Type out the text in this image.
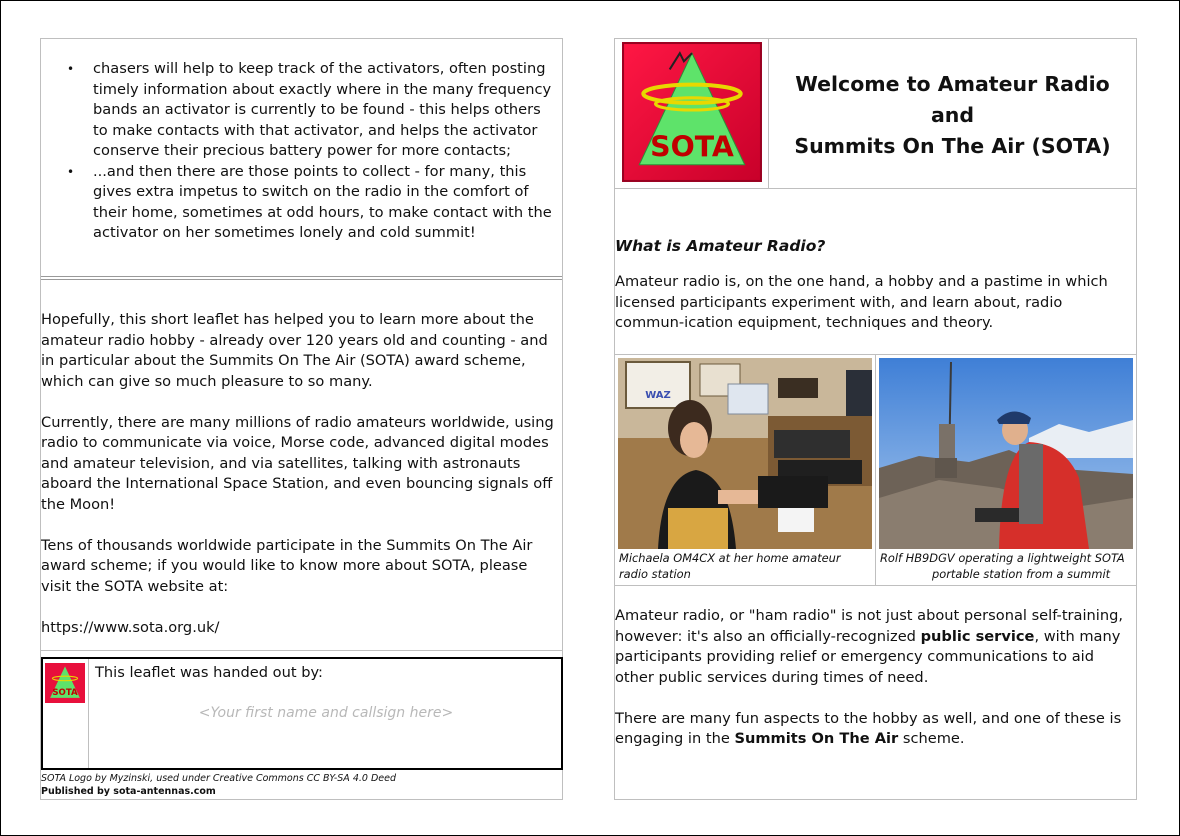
• chasers will help to keep track of the activators, often posting timely information about exactly where in the many frequency bands an activator is currently to be found - this helps others to make contacts with that activator, and helps the activator conserve their precious battery power for more contacts;
• ...and then there are those points to collect - for many, this gives extra impetus to switch on the radio in the comfort of their home, sometimes at odd hours, to make contact with the activator on her sometimes lonely and cold summit!

Hopefully, this short leaflet has helped you to learn more about the amateur radio hobby - already over 120 years old and counting - and in particular about the Summits On The Air (SOTA) award scheme, which can give so much pleasure to so many.

Currently, there are many millions of radio amateurs worldwide, using radio to communicate via voice, Morse code, advanced digital modes and amateur television, and via satellites, talking with astronauts aboard the International Space Station, and even bouncing signals off the Moon!

Tens of thousands worldwide participate in the Summits On The Air award scheme; if you would like to know more about SOTA, please visit the SOTA website at:

https://www.sota.org.uk/

SOTA
This leaflet was handed out by:
<Your first name and callsign here>
SOTA Logo by Myzinski, used under Creative Commons CC BY-SA 4.0 Deed
Published by sota-antennas.com
SOTA
Welcome to Amateur Radio
and
Summits On The Air (SOTA)
What is Amateur Radio?
Amateur radio is, on the one hand, a hobby and a pastime in which licensed participants experiment with, and learn about, radio commun-ication equipment, techniques and theory.
WAZ
Michaela OM4CX at her home amateur
radio station
Rolf HB9DGV operating a lightweight SOTA
portable station from a summit

Amateur radio, or "ham radio" is not just about personal self-training, however: it's also an officially-recognized public service, with many participants providing relief or emergency communications to aid other public services during times of need.

There are many fun aspects to the hobby as well, and one of these is engaging in the Summits On The Air scheme.
